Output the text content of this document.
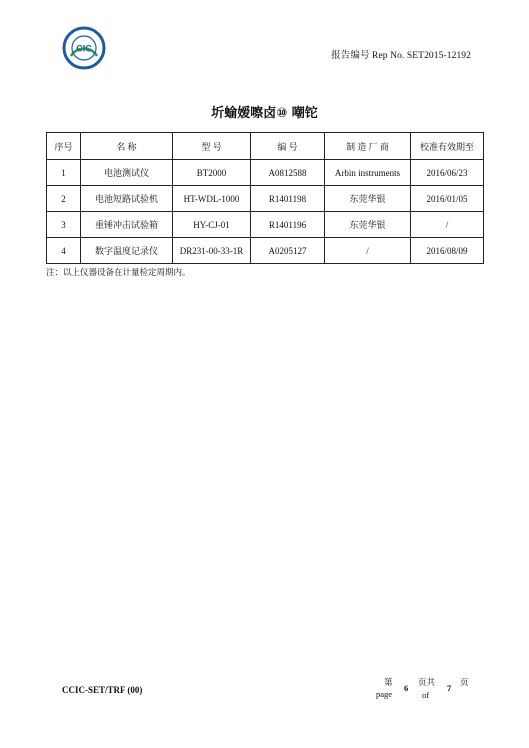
CIC
报告编号 Rep No. SET2015-12192
圻蝓嫒嚓卤⑩ 嘲铊
序号	名 称	型 号	编 号	制 造 厂 商	校准有效期至
1	电池测试仪	BT2000	A0812588	Arbin instruments	2016/06/23
2	电池短路试验机	HT-WDL-1000	R1401198	东莞华银	2016/01/05
3	重锤冲击试验箱	HY-CJ-01	R1401196	东莞华银	/
4	数字温度记录仪	DR231-00-33-1R	A0205127	/	2016/08/09
注：以上仪器设备在计量检定周期内。
CCIC-SET/TRF (00)
第
page
6
页共
of
7
页
